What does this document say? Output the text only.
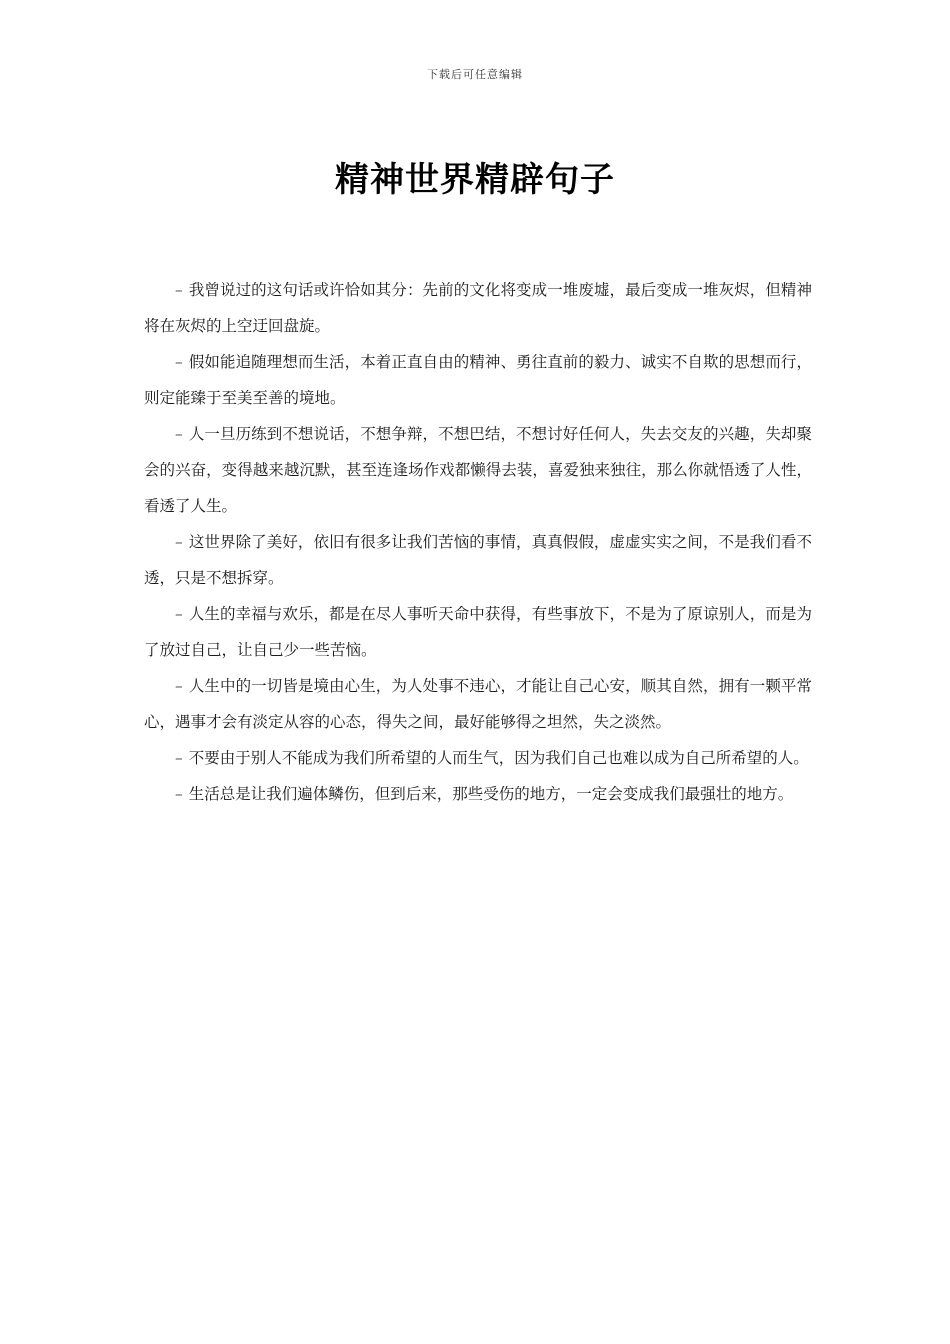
下载后可任意编辑
精神世界精辟句子

– 我曾说过的这句话或许恰如其分：先前的文化将变成一堆废墟，最后变成一堆灰烬，但精神将在灰烬的上空迂回盘旋。

– 假如能追随理想而生活，本着正直自由的精神、勇往直前的毅力、诚实不自欺的思想而行，则定能臻于至美至善的境地。

– 人一旦历练到不想说话，不想争辩，不想巴结，不想讨好任何人，失去交友的兴趣，失却聚会的兴奋，变得越来越沉默，甚至连逢场作戏都懒得去装，喜爱独来独往，那么你就悟透了人性，看透了人生。

– 这世界除了美好，依旧有很多让我们苦恼的事情，真真假假，虚虚实实之间，不是我们看不透，只是不想拆穿。

– 人生的幸福与欢乐，都是在尽人事听天命中获得，有些事放下，不是为了原谅别人，而是为了放过自己，让自己少一些苦恼。

– 人生中的一切皆是境由心生，为人处事不违心，才能让自己心安，顺其自然，拥有一颗平常心，遇事才会有淡定从容的心态，得失之间，最好能够得之坦然，失之淡然。

– 不要由于别人不能成为我们所希望的人而生气，因为我们自己也难以成为自己所希望的人。

– 生活总是让我们遍体鳞伤，但到后来，那些受伤的地方，一定会变成我们最强壮的地方。
